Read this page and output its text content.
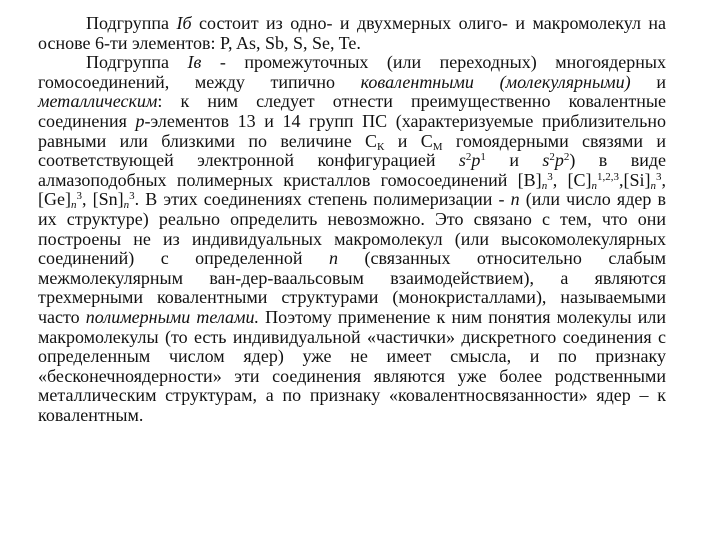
Подгруппа Iб состоит из одно- и двухмерных олиго- и макромолекул на основе 6-ти элементов: P, As, Sb, S, Se, Te.

Подгруппа Iв - промежуточных (или переходных) многоядерных гомосоединений, между типично ковалентными (молекулярными) и металлическим: к ним следует отнести преимущественно ковалентные соединения p-элементов 13 и 14 групп ПС (характеризуемые приблизительно равными или близкими по величине $С_К$ и $С_М$ гомоядерными связями и соответствующей электронной конфигурацией $s^2p^1$ и $s^2p^2$) в виде алмазоподобных полимерных кристаллов гомосоединений $[B]_n^3$, $[C]_n^{1,2,3},[Si]_n^3$, $[Ge]_n^3$, $[Sn]_n^3$. В этих соединениях степень полимеризации - n (или число ядер в их структуре) реально определить невозможно. Это связано с тем, что они построены не из индивидуальных макромолекул (или высокомолекулярных соединений) с определенной n (связанных относительно слабым межмолекулярным ван-дер-ваальсовым взаимодействием), а являются трехмерными ковалентными структурами (монокристаллами), называемыми часто полимерными телами. Поэтому применение к ним понятия молекулы или макромолекулы (то есть индивидуальной «частички» дискретного соединения с определенным числом ядер) уже не имеет смысла, и по признаку «бесконечноядерности» эти соединения являются уже более родственными металлическим структурам, а по признаку «ковалентносвязанности» ядер – к ковалентным.
